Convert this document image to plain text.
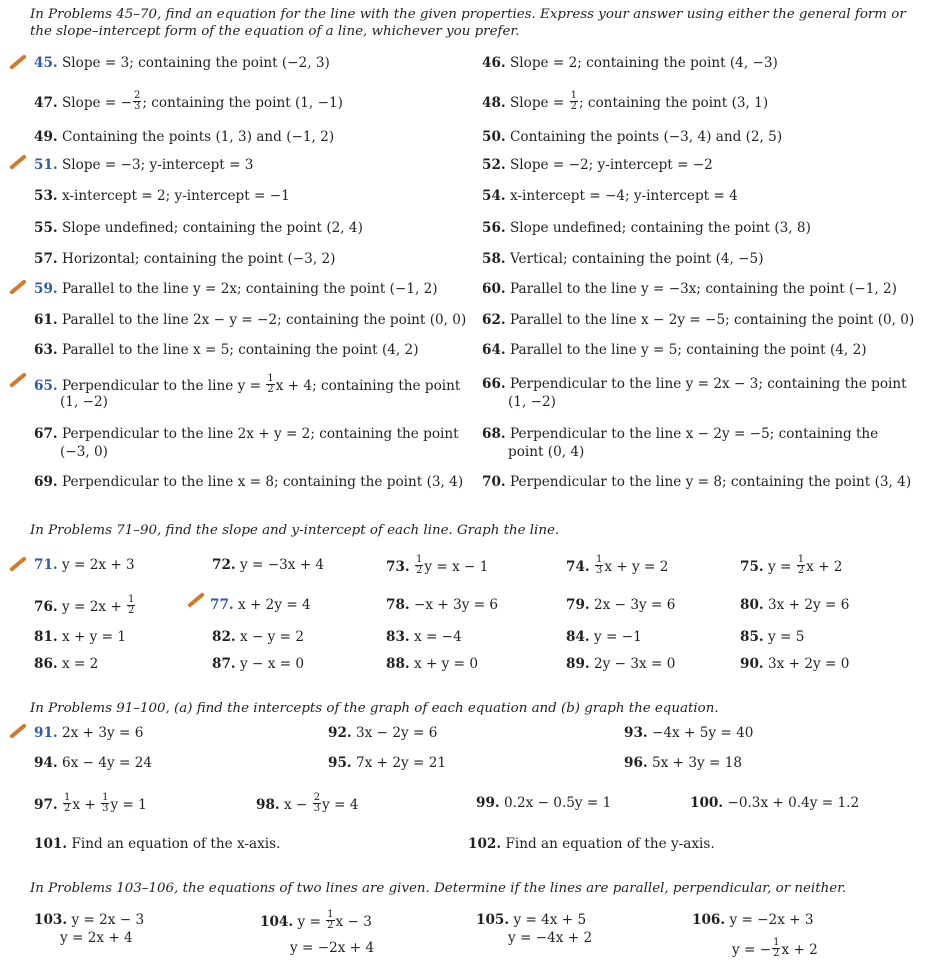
In Problems 45–70, find an equation for the line with the given properties. Express your answer using either the general form or the slope–intercept form of the equation of a line, whichever you prefer.
In Problems 71–90, find the slope and y-intercept of each line. Graph the line.
In Problems 91–100, (a) find the intercepts of the graph of each equation and (b) graph the equation.
In Problems 103–106, the equations of two lines are given. Determine if the lines are parallel, perpendicular, or neither.
45. Slope = 3; containing the point (−2, 3)	46. Slope = 2; containing the point (4, −3)
47. Slope = − $\frac{2}{3}$ ; containing the point (1, −1)	48. Slope = $\frac{1}{2}$ ; containing the point (3, 1)
49. Containing the points (1, 3) and (−1, 2)	50. Containing the points (−3, 4) and (2, 5)
51. Slope = −3; y-intercept = 3	52. Slope = −2; y-intercept = −2
53. x-intercept = 2; y-intercept = −1	54. x-intercept = −4; y-intercept = 4
55. Slope undefined; containing the point (2, 4)	56. Slope undefined; containing the point (3, 8)
57. Horizontal; containing the point (−3, 2)	58. Vertical; containing the point (4, −5)
59. Parallel to the line y = 2x; containing the point (−1, 2)	60. Parallel to the line y = −3x; containing the point (−1, 2)
61. Parallel to the line 2x − y = −2; containing the point (0, 0) 62. Parallel to the line x − 2y = −5; containing the point (0, 0)
63. Parallel to the line x = 5; containing the point (4, 2)	64. Parallel to the line y = 5; containing the point (4, 2)
65. Perpendicular to the line $y = \frac{1}{2}$ x + 4; containing the point
(1, −2)
66. Perpendicular to the line y = 2x − 3; containing the point
(1, −2)
67. Perpendicular to the line 2x + y = 2; containing the point
(−3, 0)
68. Perpendicular to the line x − 2y = −5; containing the
point (0, 4)
69. Perpendicular to the line x = 8; containing the point (3, 4) 70. Perpendicular to the line y = 8; containing the point (3, 4)
71. y = 2x + 3	72. y = −3x + 4	73. $\frac{1}{2}$ y = x − 1	74. $\frac{1}{3}$ x + y = 2	75. $y = \frac{1}{2}$ x + 2
76. $y = 2x + \frac{1}{2}$	77. x + 2y = 4	78. −x + 3y = 6	79. 2x − 3y = 6	80. 3x + 2y = 6
81. x + y = 1	82. x − y = 2	83. x = −4	84. y = −1	85. y = 5
86. x = 2	87. y − x = 0	88. x + y = 0	89. 2y − 3x = 0	90. 3x + 2y = 0
91. 2x + 3y = 6	92. 3x − 2y = 6	93. −4x + 5y = 40
94. 6x − 4y = 24	95. 7x + 2y = 21	96. 5x + 3y = 18
97. $\frac{1}{2}$ $x + \frac{1}{3}$ y = 1	98. $x - \frac{2}{3}$ y = 4	99. 0.2x − 0.5y = 1	100. −0.3x + 0.4y = 1.2
101. Find an equation of the x-axis.	102. Find an equation of the y-axis.
103. y = 2x − 3
y = 2x + 4
104. $y = \frac{1}{2}$ x − 3
y = −2x + 4
105. y = 4x + 5
y = −4x + 2
106. y = −2x + 3
y = − $\frac{1}{2}$ x + 2
